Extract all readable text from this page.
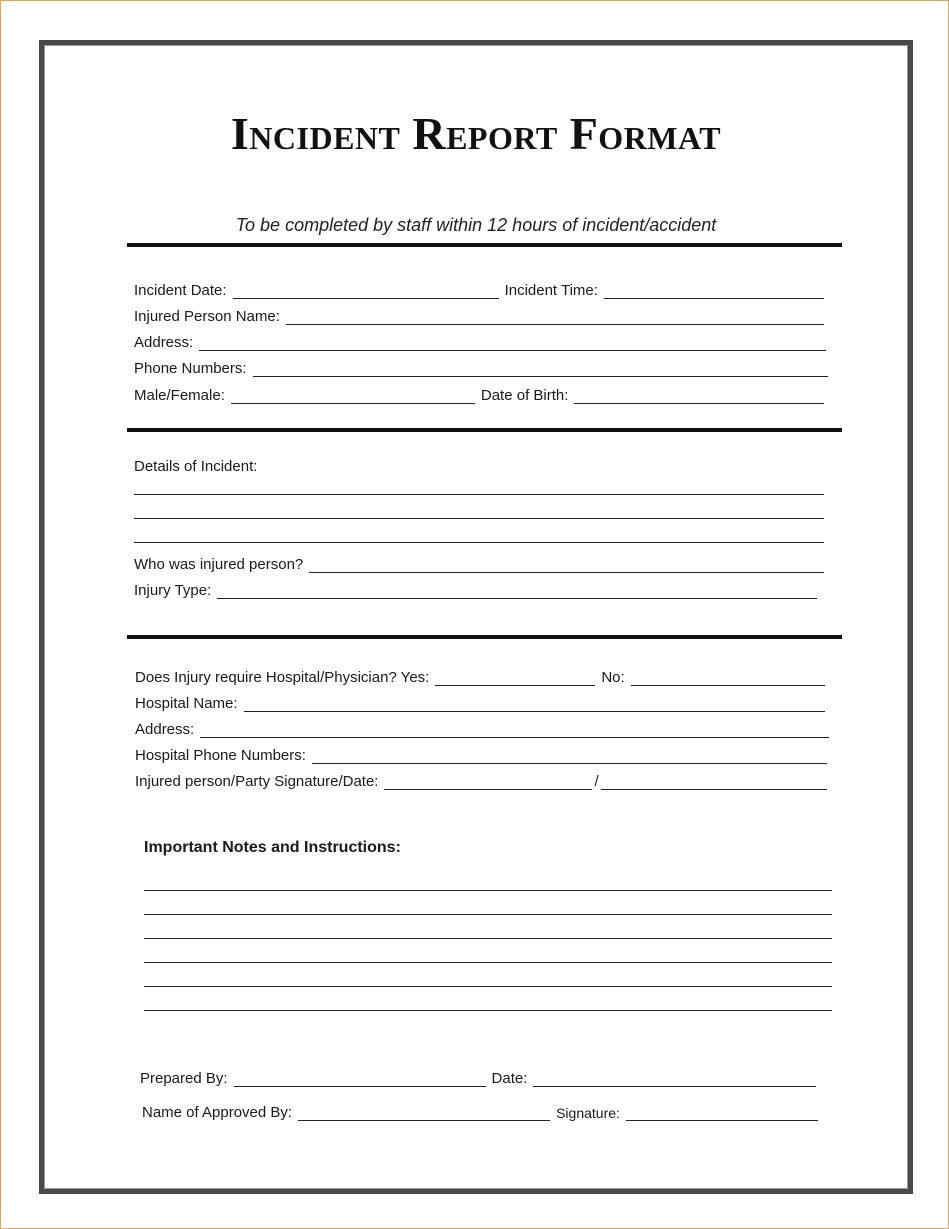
Incident Report Format
To be completed by staff within 12 hours of incident/accident
Incident Date:	Incident Time:
Injured Person Name:
Address:
Phone Numbers:
Male/Female:	Date of Birth:
Details of Incident:
Who was injured person?
Injury Type:
Does Injury require Hospital/Physician? Yes:	No:
Hospital Name:
Address:
Hospital Phone Numbers:
Injured person/Party Signature/Date:	/
Important Notes and Instructions:
Prepared By:	Date:
Name of Approved By:	Signature:
